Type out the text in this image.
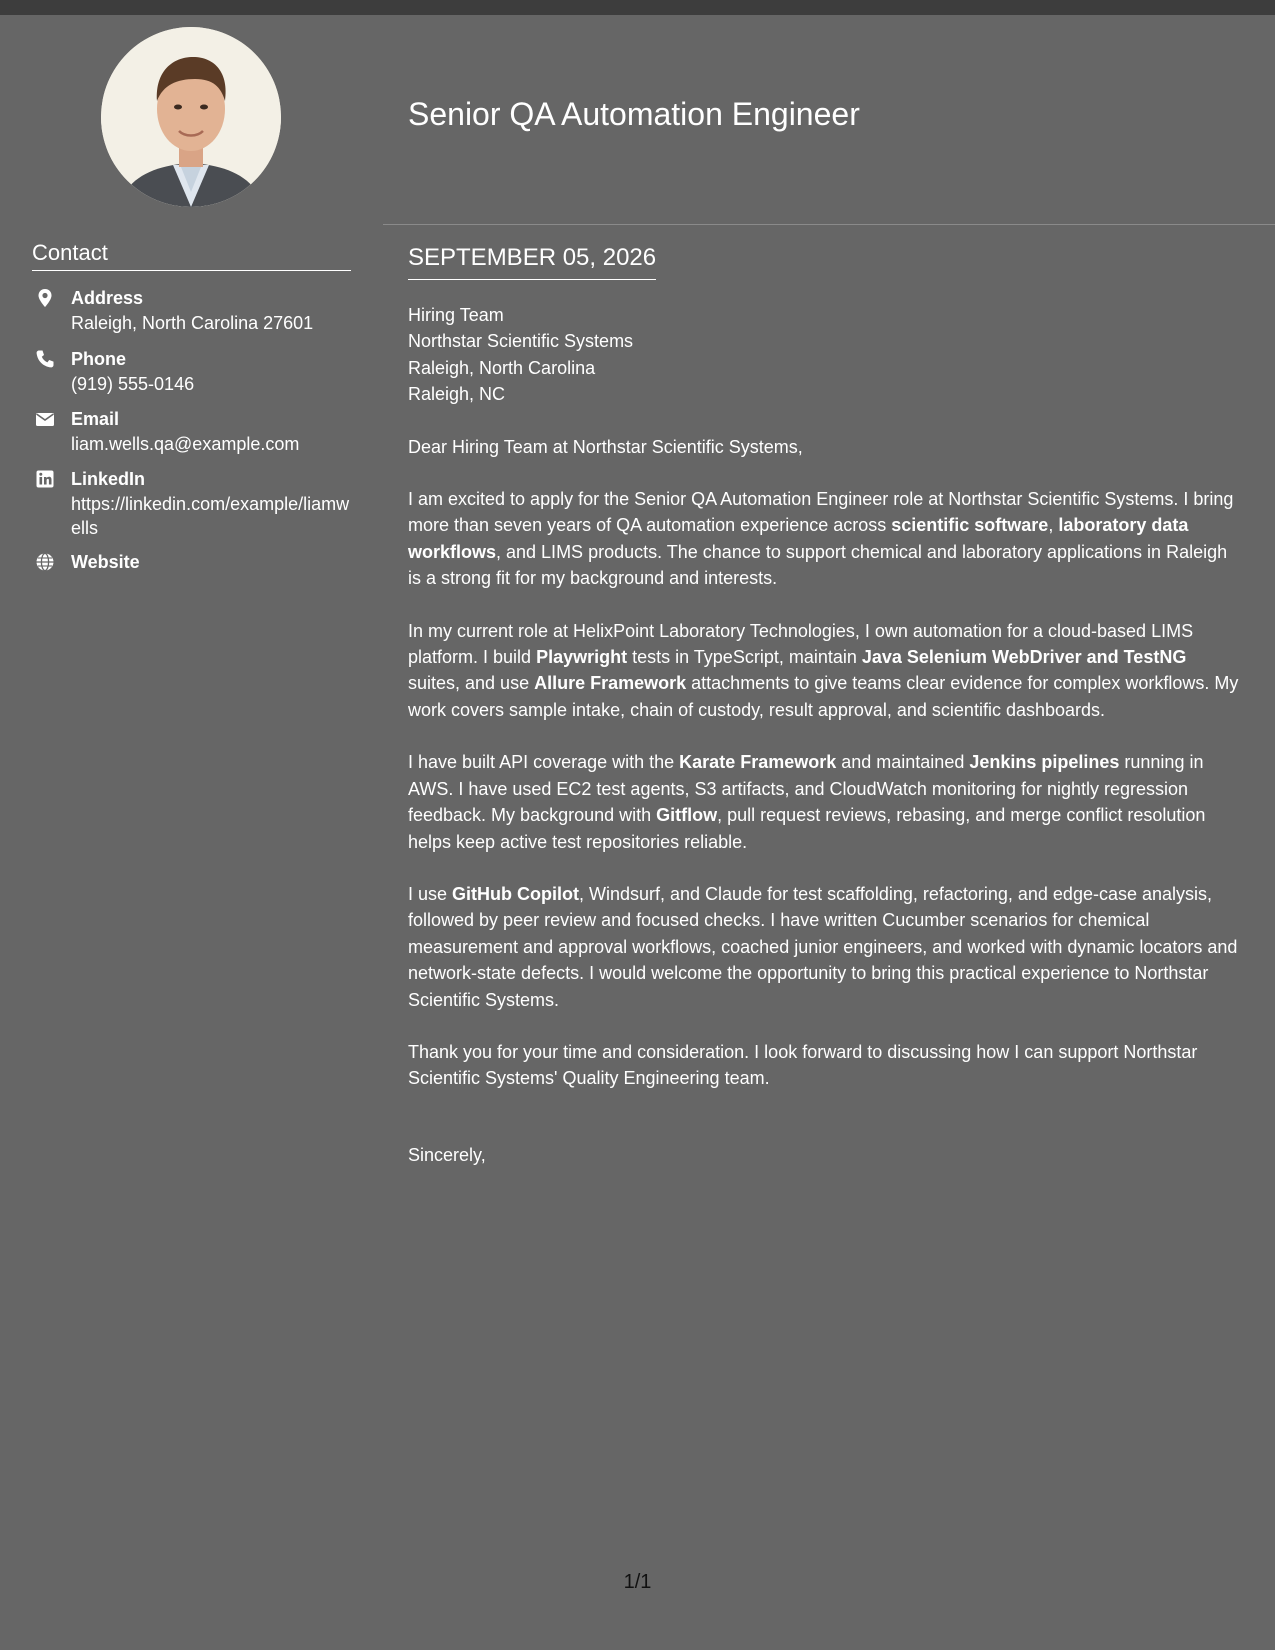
Contact
Address
Raleigh, North Carolina 27601
Phone
(919) 555-0146
Email
liam.wells.qa@example.com
LinkedIn
https://linkedin.com/example/liamwells
Website
Senior QA Automation Engineer
SEPTEMBER 05, 2026
Hiring Team
Northstar Scientific Systems
Raleigh, North Carolina
Raleigh, NC

Dear Hiring Team at Northstar Scientific Systems,

I am excited to apply for the Senior QA Automation Engineer role at Northstar Scientific Systems. I bring more than seven years of QA automation experience across scientific software, laboratory data workflows, and LIMS products. The chance to support chemical and laboratory applications in Raleigh is a strong fit for my background and interests.

In my current role at HelixPoint Laboratory Technologies, I own automation for a cloud-based LIMS platform. I build Playwright tests in TypeScript, maintain Java Selenium WebDriver and TestNG suites, and use Allure Framework attachments to give teams clear evidence for complex workflows. My work covers sample intake, chain of custody, result approval, and scientific dashboards.

I have built API coverage with the Karate Framework and maintained Jenkins pipelines running in AWS. I have used EC2 test agents, S3 artifacts, and CloudWatch monitoring for nightly regression feedback. My background with Gitflow, pull request reviews, rebasing, and merge conflict resolution helps keep active test repositories reliable.

I use GitHub Copilot, Windsurf, and Claude for test scaffolding, refactoring, and edge-case analysis, followed by peer review and focused checks. I have written Cucumber scenarios for chemical measurement and approval workflows, coached junior engineers, and worked with dynamic locators and network-state defects. I would welcome the opportunity to bring this practical experience to Northstar Scientific Systems.

Thank you for your time and consideration. I look forward to discussing how I can support Northstar Scientific Systems' Quality Engineering team.

Sincerely,

1/1
